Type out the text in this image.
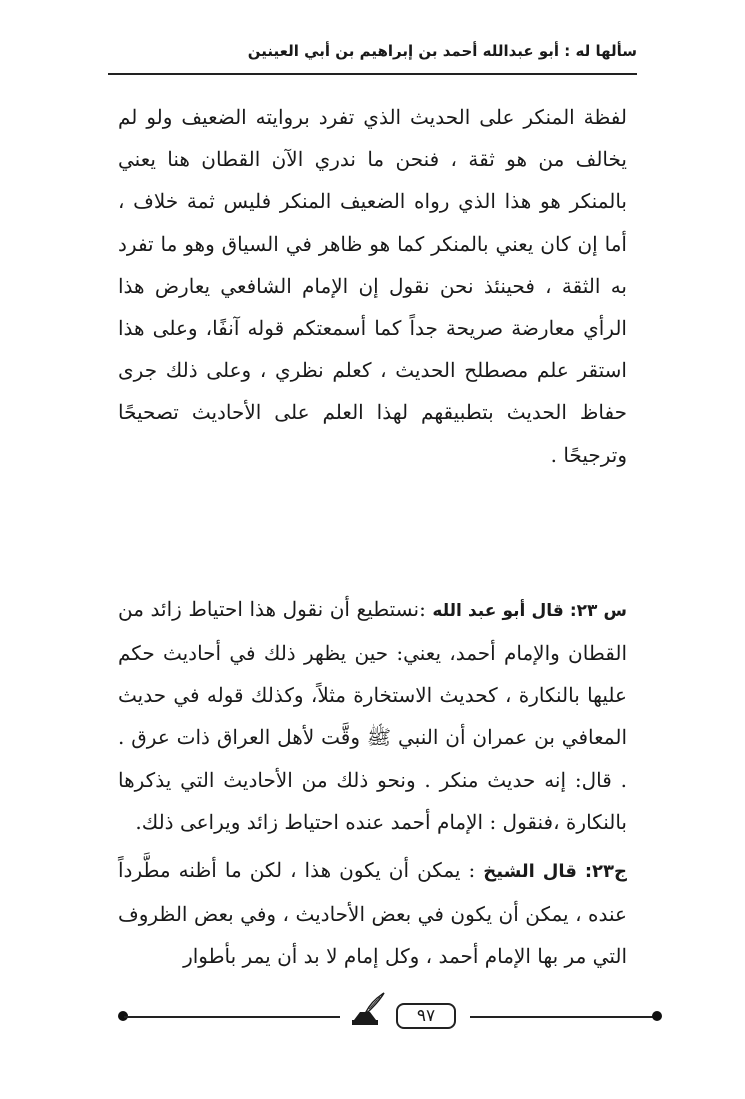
سألها له : أبو عبدالله أحمد بن إبراهيم بن أبي العينين

لفظة المنكر على الحديث الذي تفرد بروايته الضعيف ولو لم يخالف من هو ثقة ، فنحن ما ندري الآن القطان هنا يعني بالمنكر هو هذا الذي رواه الضعيف المنكر فليس ثمة خلاف ، أما إن كان يعني بالمنكر كما هو ظاهر في السياق وهو ما تفرد به الثقة ، فحينئذ نحن نقول إن الإمام الشافعي يعارض هذا الرأي معارضة صريحة جداً كما أسمعتكم قوله آنفًا، وعلى هذا استقر علم مصطلح الحديث ، كعلم نظري ، وعلى ذلك جرى حفاظ الحديث بتطبيقهم لهذا العلم على الأحاديث تصحيحًا وترجيحًا .

س ٢٣: قال أبو عبد الله :نستطيع أن نقول هذا احتياط زائد من القطان والإمام أحمد، يعني: حين يظهر ذلك في أحاديث حكم عليها بالنكارة ، كحديث الاستخارة مثلاً، وكذلك قوله في حديث المعافي بن عمران أن النبي ﷺ وقَّت لأهل العراق ذات عرق . . قال: إنه حديث منكر . ونحو ذلك من الأحاديث التي يذكرها بالنكارة ،فنقول : الإمام أحمد عنده احتياط زائد ويراعى ذلك.

ج٢٣: قال الشيخ : يمكن أن يكون هذا ، لكن ما أظنه مطَّرداً عنده ، يمكن أن يكون في بعض الأحاديث ، وفي بعض الظروف التي مر بها الإمام أحمد ، وكل إمام لا بد أن يمر بأطوار

٩٧
